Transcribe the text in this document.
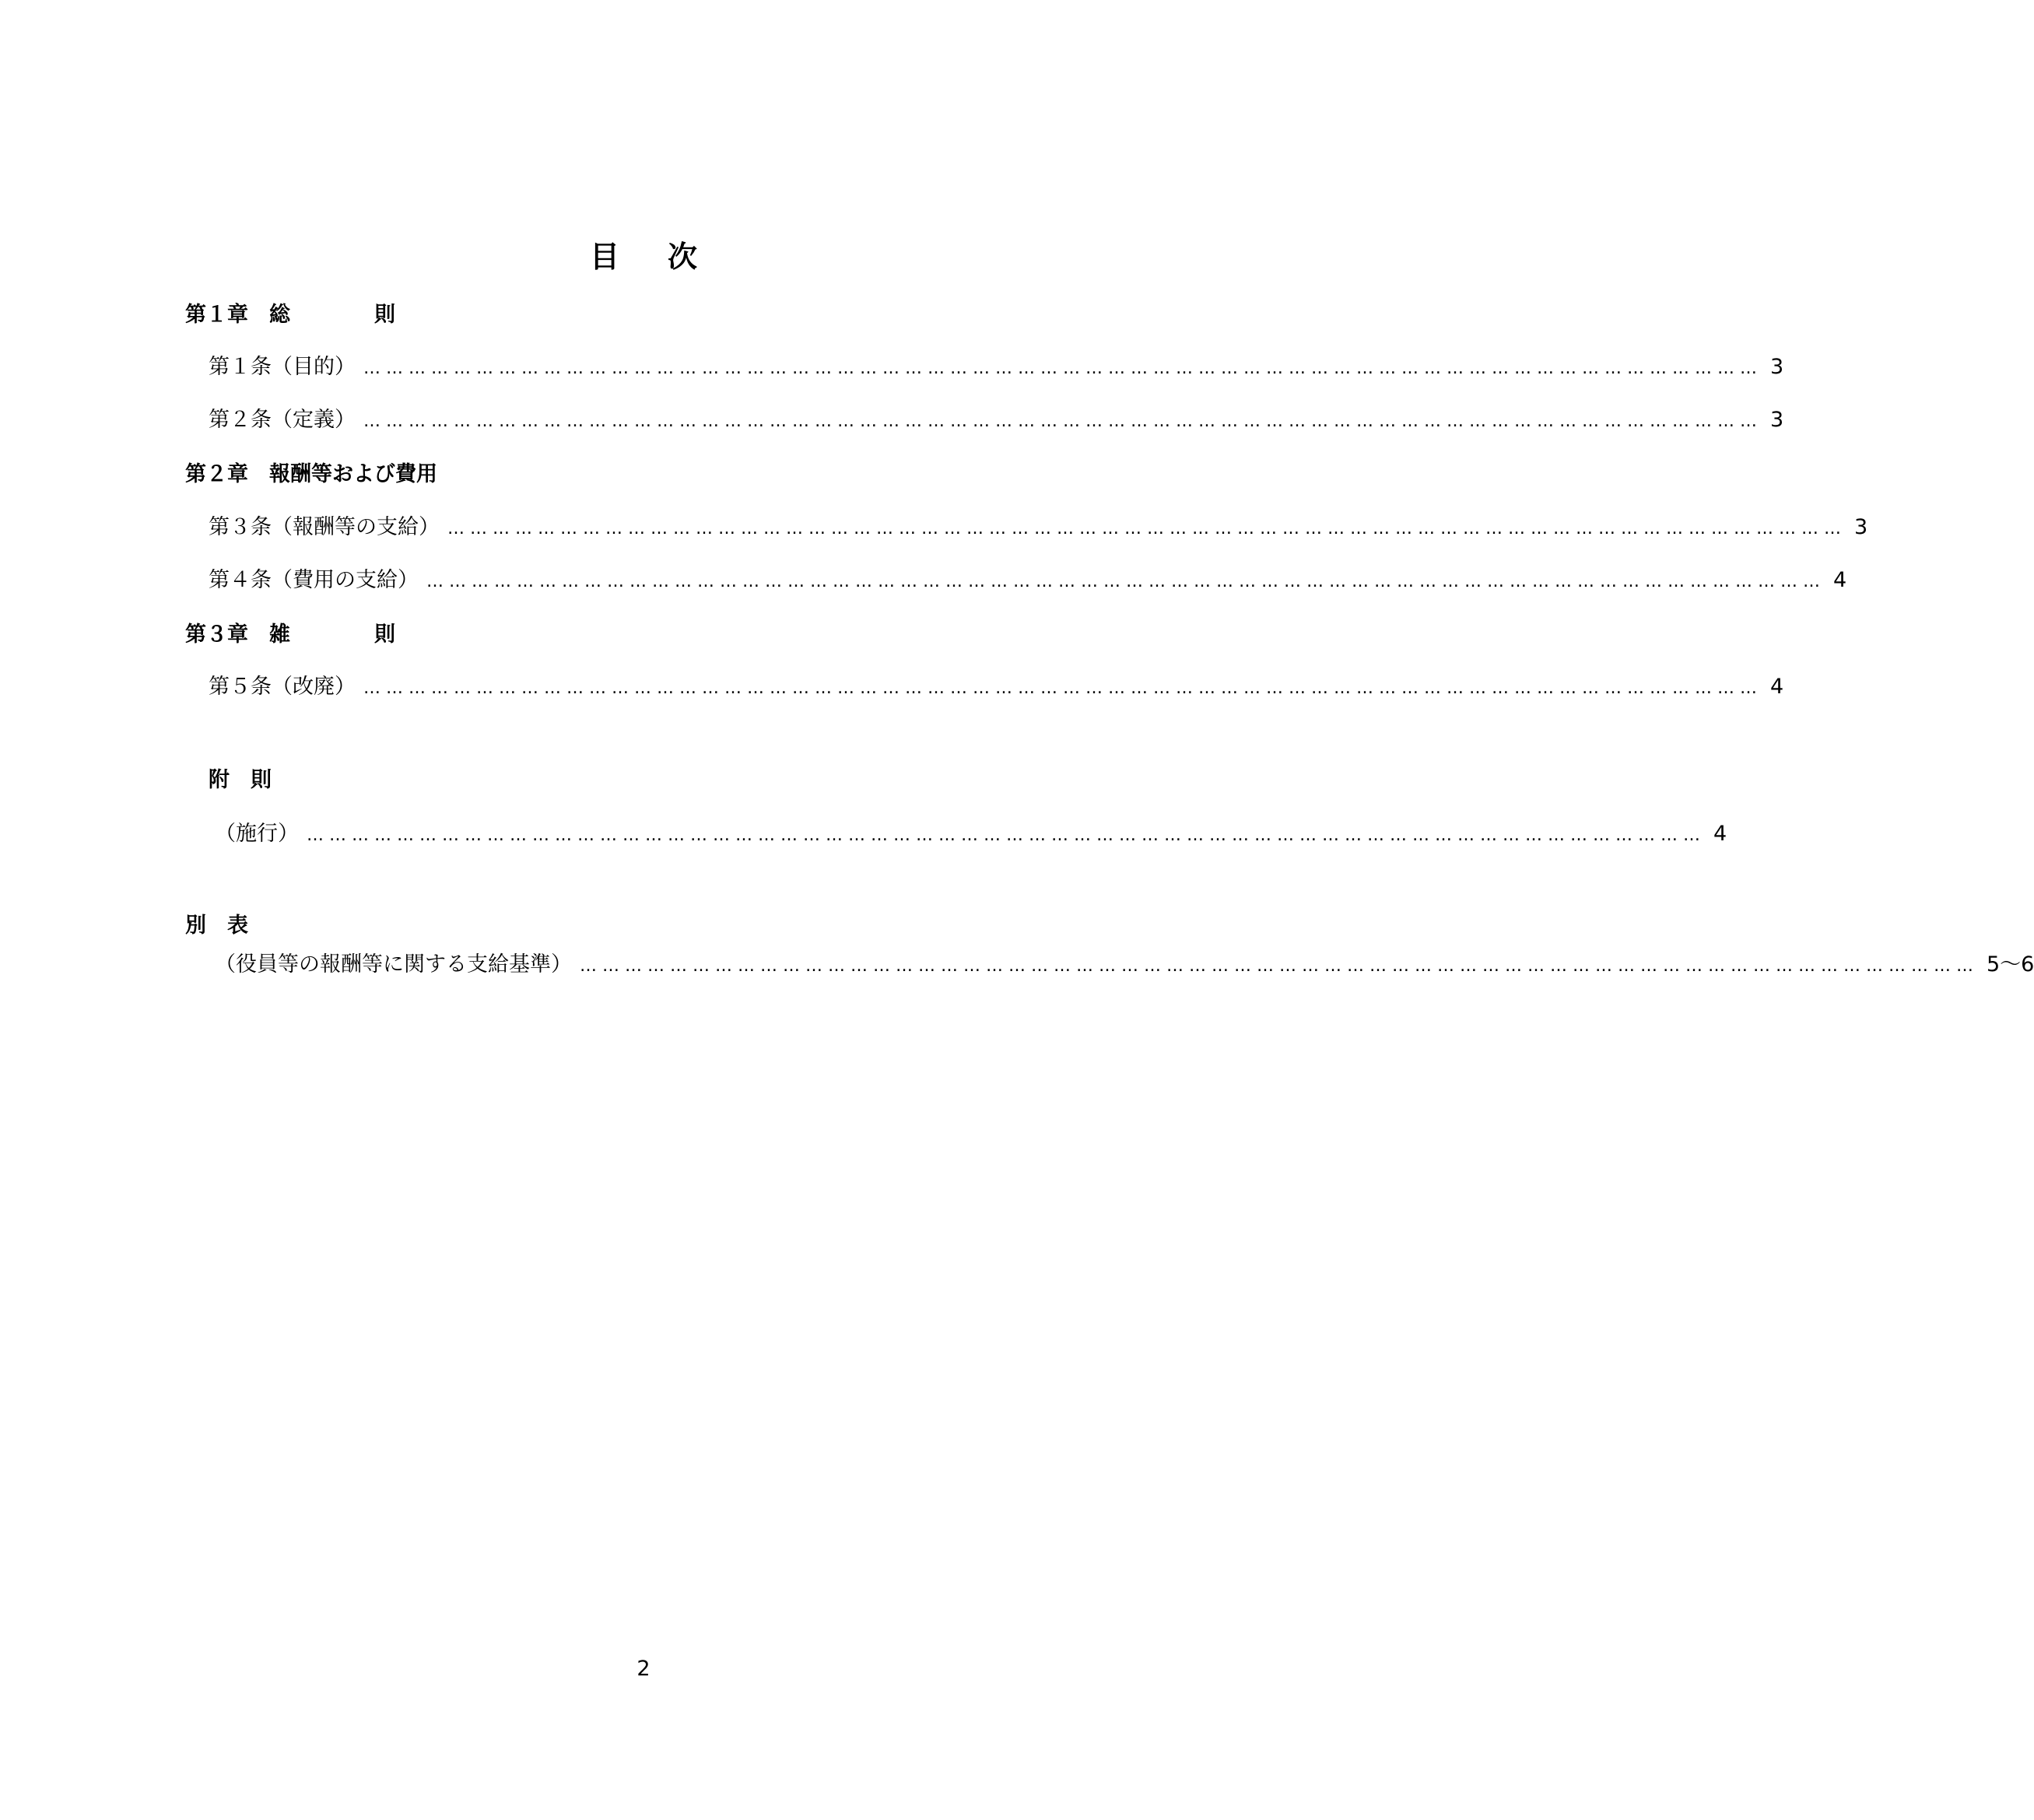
目次
第１章　総　　　　則
第１条（目的） …………………………………………………………………………………………………………………………………………………………………… 3
第２条（定義） …………………………………………………………………………………………………………………………………………………………………… 3
第２章　報酬等および費用
第３条（報酬等の支給） …………………………………………………………………………………………………………………………………………………………………… 3
第４条（費用の支給） …………………………………………………………………………………………………………………………………………………………………… 4
第３章　雑　　　　則
第５条（改廃） …………………………………………………………………………………………………………………………………………………………………… 4
附　則
（施行） …………………………………………………………………………………………………………………………………………………………………… 4
別　表
（役員等の報酬等に関する支給基準） …………………………………………………………………………………………………………………………………………………………………… 5～6
2
